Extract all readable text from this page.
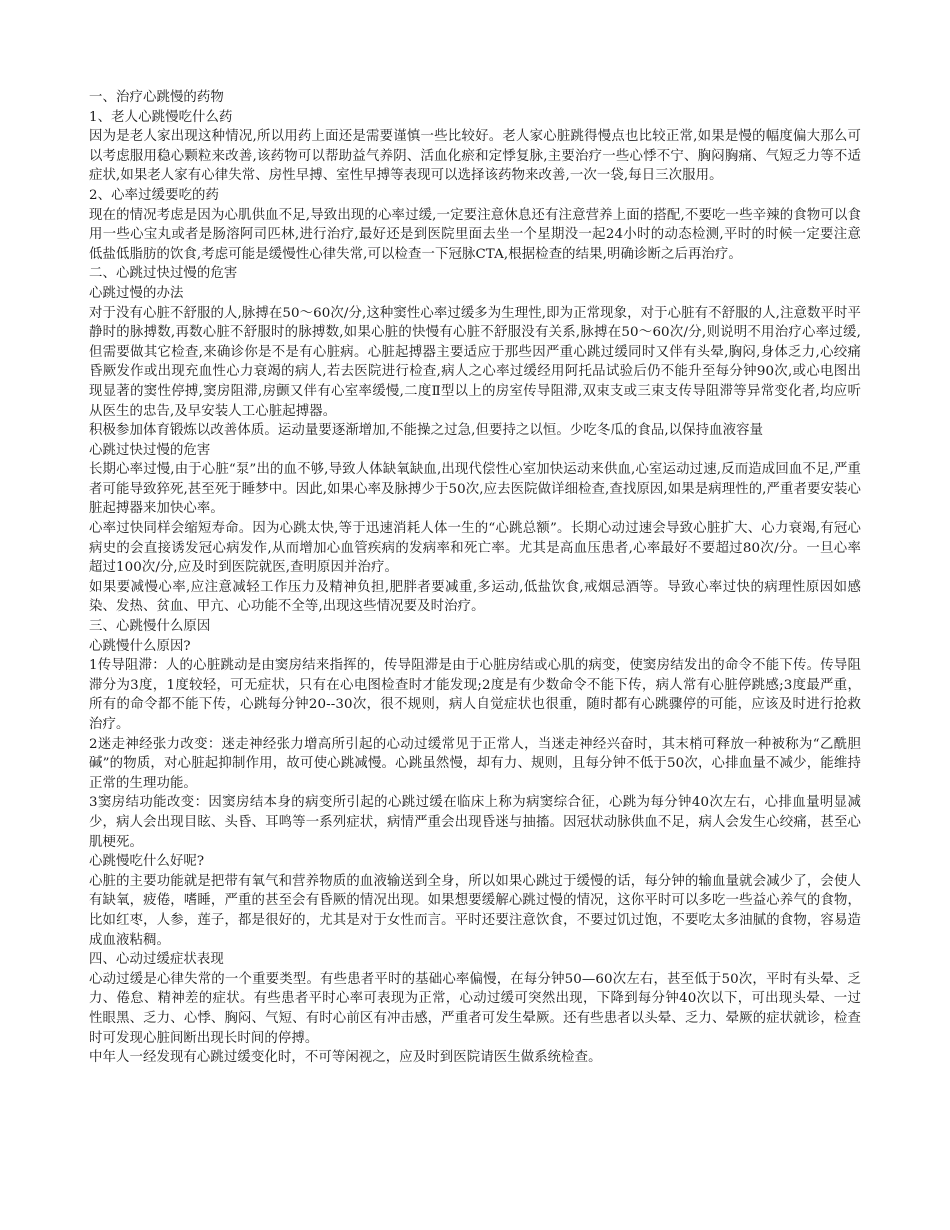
一、治疗心跳慢的药物

1、老人心跳慢吃什么药

因为是老人家出现这种情况,所以用药上面还是需要谨慎一些比较好。老人家心脏跳得慢点也比较正常,如果是慢的幅度偏大那么可以考虑服用稳心颗粒来改善,该药物可以帮助益气养阴、活血化瘀和定悸复脉,主要治疗一些心悸不宁、胸闷胸痛、气短乏力等不适症状,如果老人家有心律失常、房性早搏、室性早搏等表现可以选择该药物来改善,一次一袋,每日三次服用。

2、心率过缓要吃的药

现在的情况考虑是因为心肌供血不足,导致出现的心率过缓,一定要注意休息还有注意营养上面的搭配,不要吃一些辛辣的食物可以食用一些心宝丸或者是肠溶阿司匹林,进行治疗,最好还是到医院里面去坐一个星期没一起24小时的动态检测,平时的时候一定要注意低盐低脂肪的饮食,考虑可能是缓慢性心律失常,可以检查一下冠脉CTA,根据检查的结果,明确诊断之后再治疗。

二、心跳过快过慢的危害

心跳过慢的办法

对于没有心脏不舒服的人,脉搏在50～60次/分,这种窦性心率过缓多为生理性,即为正常现象，对于心脏有不舒服的人,注意数平时平静时的脉搏数,再数心脏不舒服时的脉搏数,如果心脏的快慢有心脏不舒服没有关系,脉搏在50～60次/分,则说明不用治疗心率过缓,但需要做其它检查,来确诊你是不是有心脏病。心脏起搏器主要适应于那些因严重心跳过缓同时又伴有头晕,胸闷,身体乏力,心绞痛昏厥发作或出现充血性心力衰竭的病人,若去医院进行检查,病人之心率过缓经用阿托品试验后仍不能升至每分钟90次,或心电图出现显著的窦性停搏,窦房阻滞,房颤又伴有心室率缓慢,二度Ⅱ型以上的房室传导阻滞,双束支或三束支传导阻滞等异常变化者,均应听从医生的忠告,及早安装人工心脏起搏器。

积极参加体育锻炼以改善体质。运动量要逐渐增加,不能操之过急,但要持之以恒。少吃冬瓜的食品,以保持血液容量

心跳过快过慢的危害

长期心率过慢,由于心脏“泵”出的血不够,导致人体缺氧缺血,出现代偿性心室加快运动来供血,心室运动过速,反而造成回血不足,严重者可能导致猝死,甚至死于睡梦中。因此,如果心率及脉搏少于50次,应去医院做详细检查,查找原因,如果是病理性的,严重者要安装心脏起搏器来加快心率。

心率过快同样会缩短寿命。因为心跳太快,等于迅速消耗人体一生的“心跳总额”。长期心动过速会导致心脏扩大、心力衰竭,有冠心病史的会直接诱发冠心病发作,从而增加心血管疾病的发病率和死亡率。尤其是高血压患者,心率最好不要超过80次/分。一旦心率超过100次/分,应及时到医院就医,查明原因并治疗。

如果要减慢心率,应注意减轻工作压力及精神负担,肥胖者要减重,多运动,低盐饮食,戒烟忌酒等。导致心率过快的病理性原因如感染、发热、贫血、甲亢、心功能不全等,出现这些情况要及时治疗。

三、心跳慢什么原因

心跳慢什么原因?

1传导阻滞：人的心脏跳动是由窦房结来指挥的，传导阻滞是由于心脏房结或心肌的病变，使窦房结发出的命令不能下传。传导阻滞分为3度，1度较轻，可无症状，只有在心电图检查时才能发现;2度是有少数命令不能下传，病人常有心脏停跳感;3度最严重，所有的命令都不能下传，心跳每分钟20--30次，很不规则，病人自觉症状也很重，随时都有心跳骤停的可能，应该及时进行抢救治疗。

2迷走神经张力改变：迷走神经张力增高所引起的心动过缓常见于正常人，当迷走神经兴奋时，其末梢可释放一种被称为“乙酰胆碱”的物质，对心脏起抑制作用，故可使心跳减慢。心跳虽然慢，却有力、规则，且每分钟不低于50次，心排血量不减少，能维持正常的生理功能。

3窦房结功能改变：因窦房结本身的病变所引起的心跳过缓在临床上称为病窦综合征，心跳为每分钟40次左右，心排血量明显减少，病人会出现目眩、头昏、耳鸣等一系列症状，病情严重会出现昏迷与抽搐。因冠状动脉供血不足，病人会发生心绞痛，甚至心肌梗死。

心跳慢吃什么好呢?

心脏的主要功能就是把带有氧气和营养物质的血液输送到全身，所以如果心跳过于缓慢的话，每分钟的输血量就会减少了，会使人有缺氧，疲倦，嗜睡，严重的甚至会有昏厥的情况出现。如果想要缓解心跳过慢的情况，这你平时可以多吃一些益心养气的食物，比如红枣，人参，莲子，都是很好的，尤其是对于女性而言。平时还要注意饮食，不要过饥过饱，不要吃太多油腻的食物，容易造成血液粘稠。

四、心动过缓症状表现

心动过缓是心律失常的一个重要类型。有些患者平时的基础心率偏慢，在每分钟50—60次左右，甚至低于50次，平时有头晕、乏力、倦怠、精神差的症状。有些患者平时心率可表现为正常，心动过缓可突然出现，下降到每分钟40次以下，可出现头晕、一过性眼黑、乏力、心悸、胸闷、气短、有时心前区有冲击感，严重者可发生晕厥。还有些患者以头晕、乏力、晕厥的症状就诊，检查时可发现心脏间断出现长时间的停搏。

中年人一经发现有心跳过缓变化时，不可等闲视之，应及时到医院请医生做系统检查。
